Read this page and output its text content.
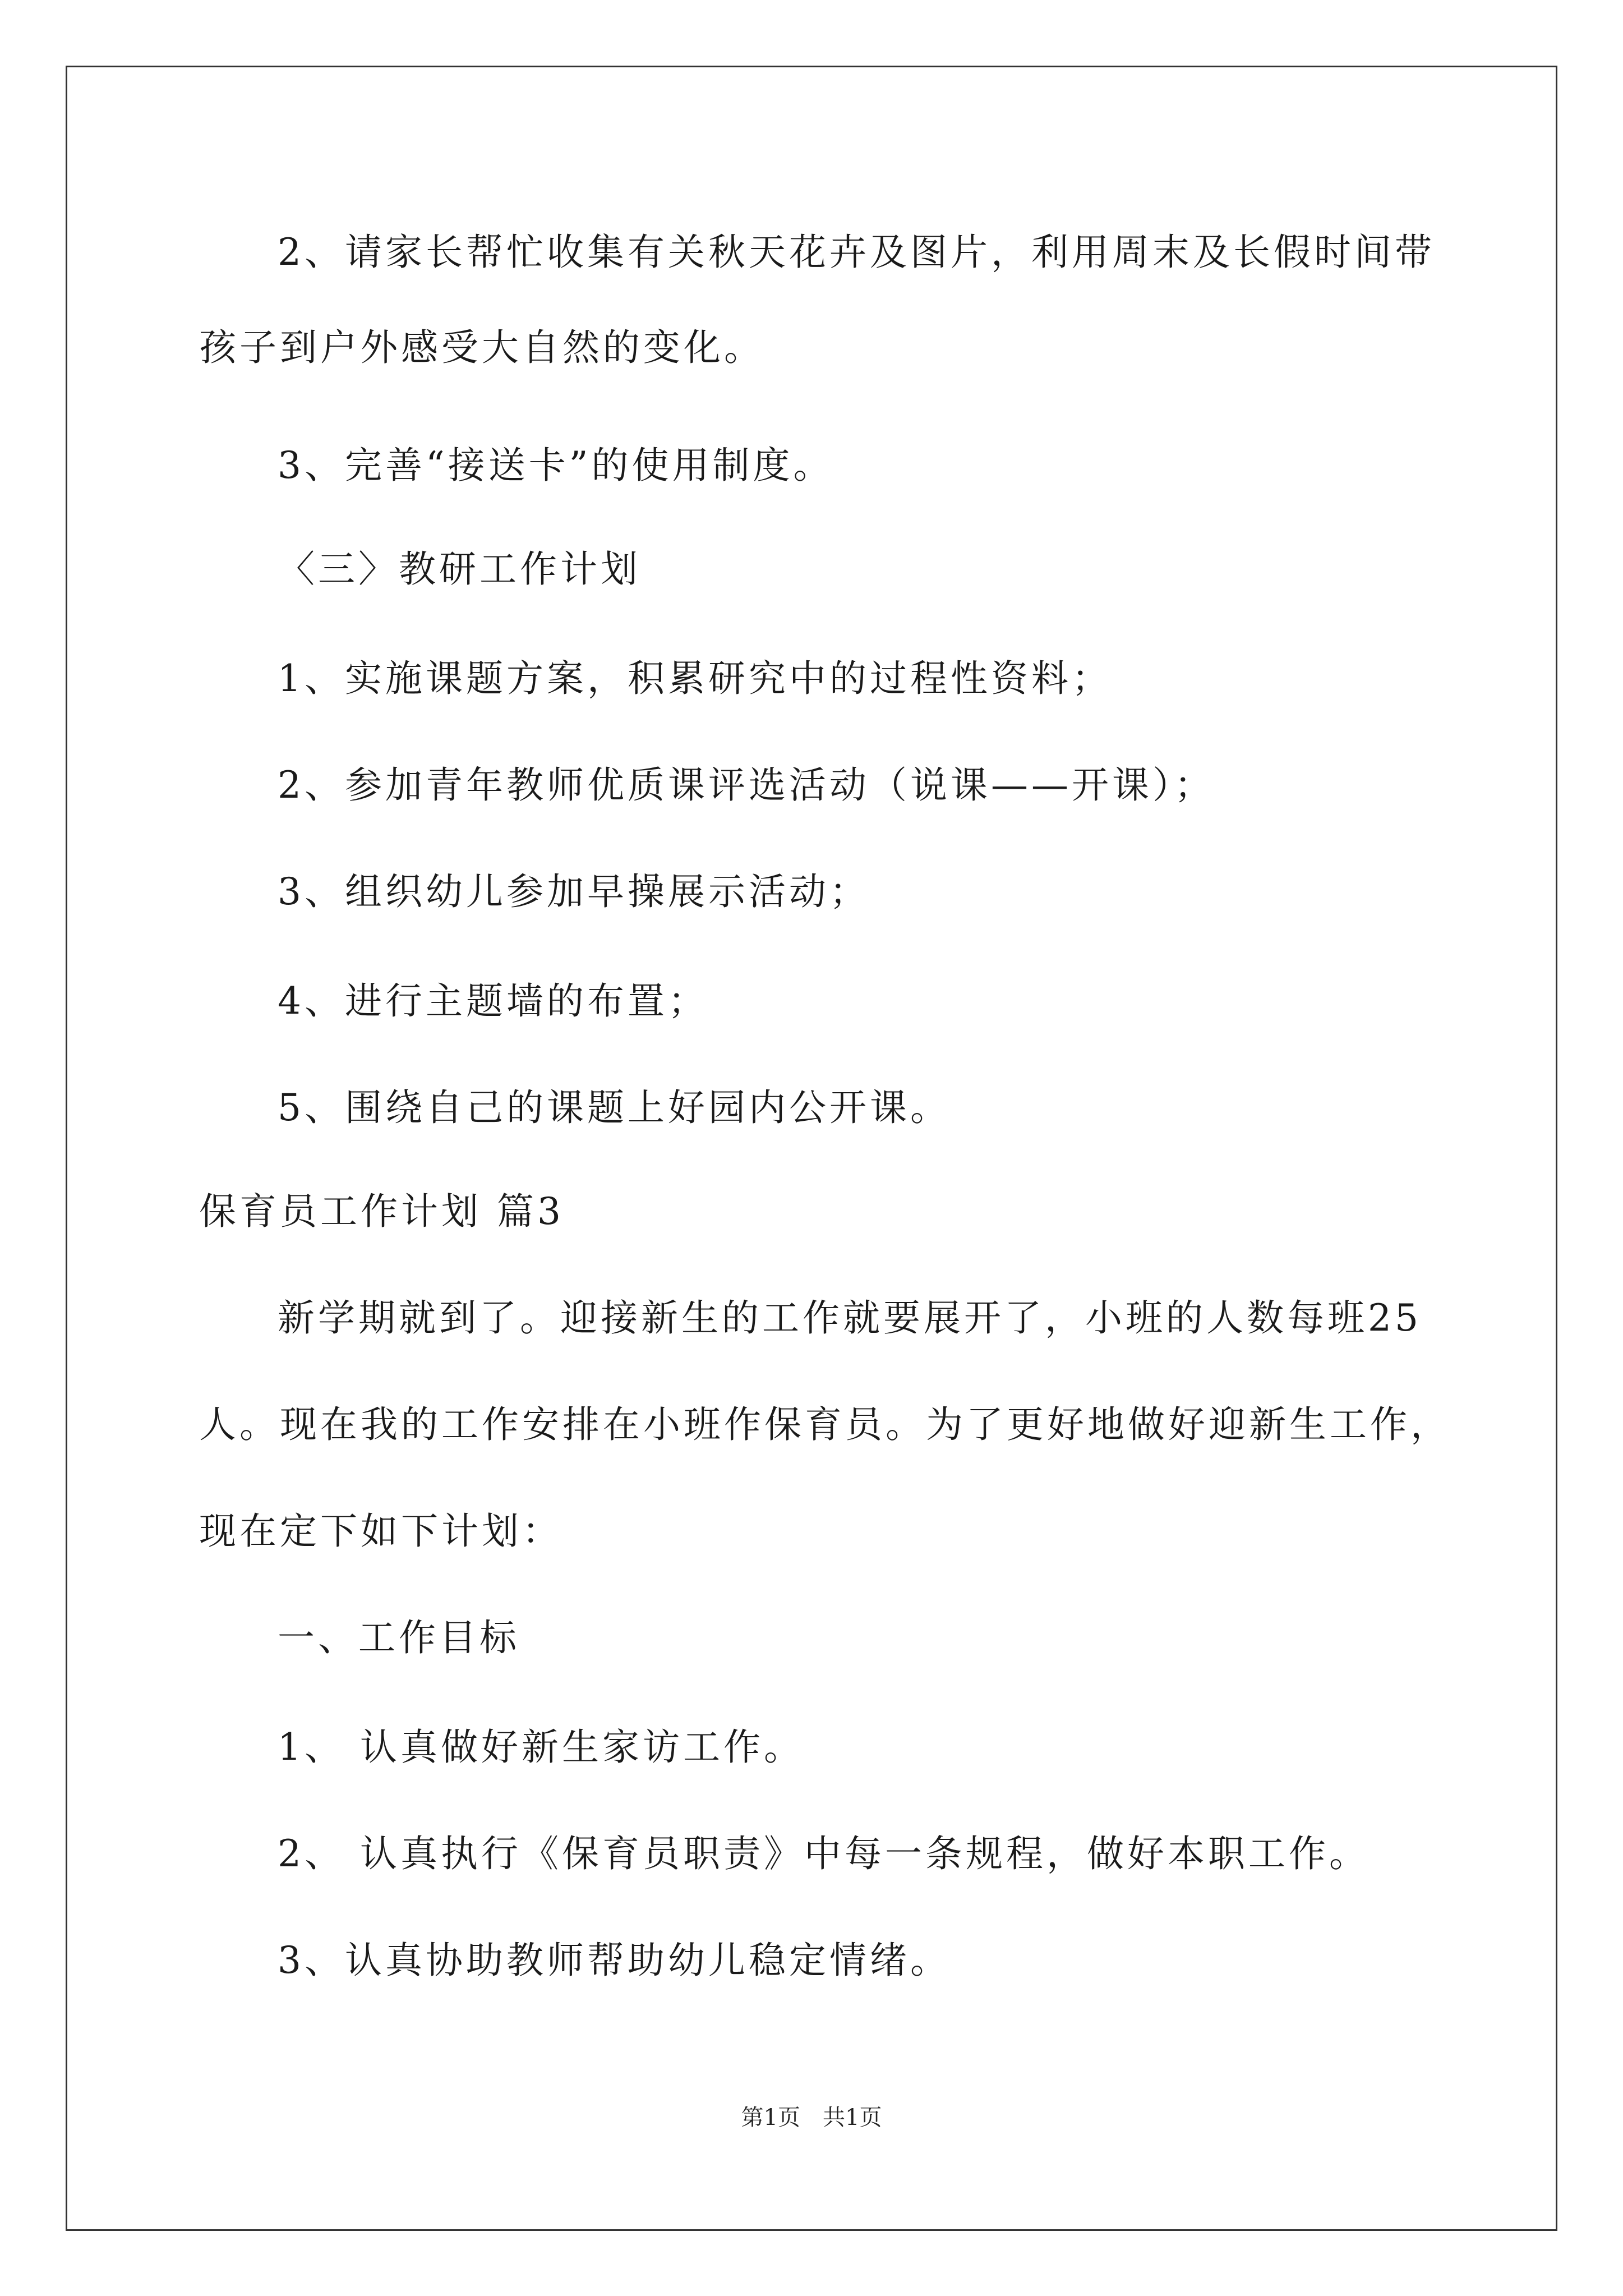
2、请家长帮忙收集有关秋天花卉及图片，利用周末及长假时间带
孩子到户外感受大自然的变化。
3、完善“接送卡”的使用制度。
〈三〉教研工作计划
1、实施课题方案，积累研究中的过程性资料；
2、参加青年教师优质课评选活动（说课——开课）；
3、组织幼儿参加早操展示活动；
4、进行主题墙的布置；
5、围绕自己的课题上好园内公开课。
保育员工作计划 篇3
新学期就到了。迎接新生的工作就要展开了，小班的人数每班25
人。现在我的工作安排在小班作保育员。为了更好地做好迎新生工作，
现在定下如下计划：
一、工作目标
1、 认真做好新生家访工作。
2、 认真执行《保育员职责》中每一条规程，做好本职工作。
3、认真协助教师帮助幼儿稳定情绪。
第1页　共1页
